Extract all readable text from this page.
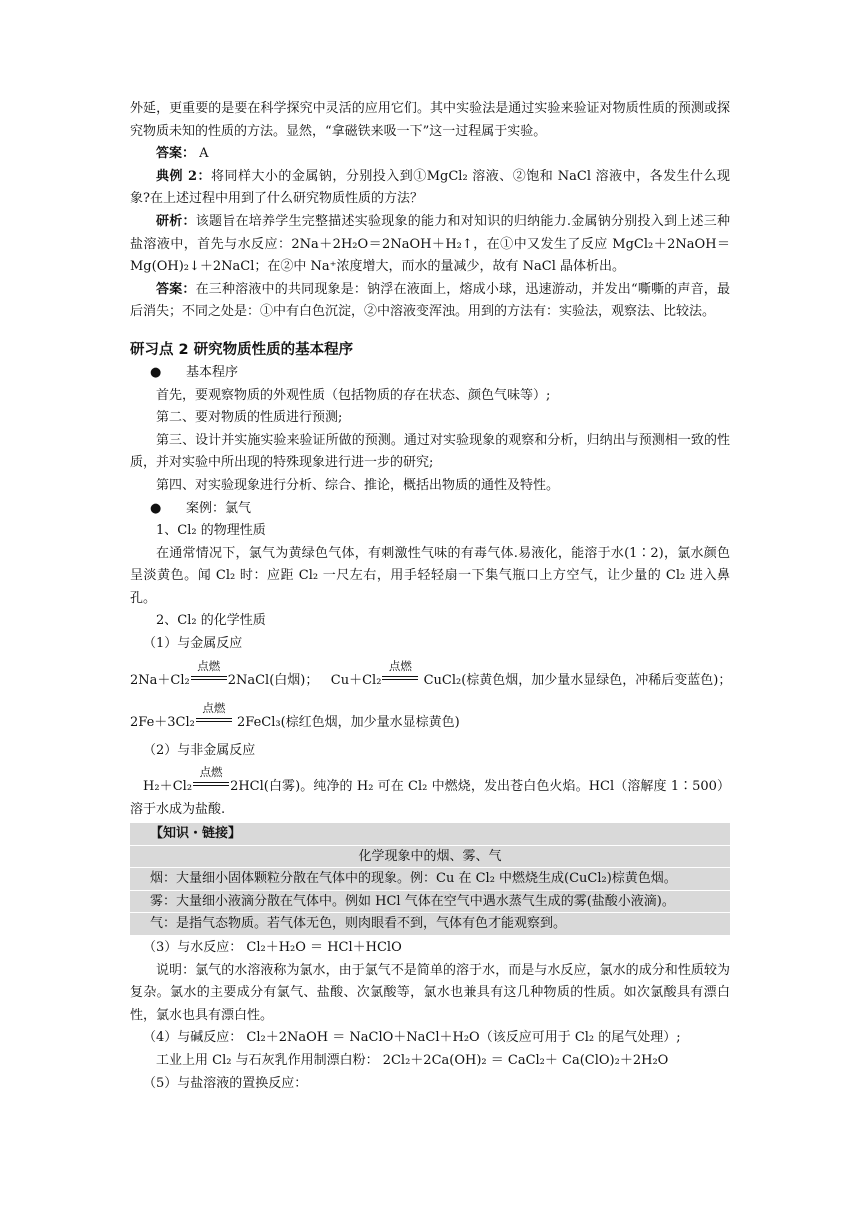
外延，更重要的是要在科学探究中灵活的应用它们。其中实验法是通过实验来验证对物质性质的预测或探究物质未知的性质的方法。显然，“拿磁铁来吸一下”这一过程属于实验。

答案： A

典例 2：将同样大小的金属钠，分别投入到①MgCl₂ 溶液、②饱和 NaCl 溶液中，各发生什么现象?在上述过程中用到了什么研究物质性质的方法？

研析：该题旨在培养学生完整描述实验现象的能力和对知识的归纳能力.金属钠分别投入到上述三种盐溶液中，首先与水反应：2Na＋2H₂O＝2NaOH＋H₂↑，在①中又发生了反应 MgCl₂＋2NaOH＝Mg(OH)₂↓＋2NaCl；在②中 Na⁺浓度增大，而水的量减少，故有 NaCl 晶体析出。

答案：在三种溶液中的共同现象是：钠浮在液面上，熔成小球，迅速游动，并发出“嘶嘶的声音，最后消失；不同之处是：①中有白色沉淀，②中溶液变浑浊。用到的方法有：实验法，观察法、比较法。

研习点 2 研究物质性质的基本程序
● 基本程序

首先，要观察物质的外观性质（包括物质的存在状态、颜色气味等）;

第二、要对物质的性质进行预测;

第三、设计并实施实验来验证所做的预测。通过对实验现象的观察和分析，归纳出与预测相一致的性质，并对实验中所出现的特殊现象进行进一步的研究;

第四、对实验现象进行分析、综合、推论，概括出物质的通性及特性。

● 案例：氯气

1、Cl₂ 的物理性质

在通常情况下，氯气为黄绿色气体，有刺激性气味的有毒气体.易液化，能溶于水(1∶2)，氯水颜色呈淡黄色。闻 Cl₂ 时：应距 Cl₂ 一尺左右，用手轻轻扇一下集气瓶口上方空气，让少量的 Cl₂ 进入鼻孔。

2、Cl₂ 的化学性质

（1）与金属反应

2Na＋Cl₂
点燃
2NaCl(白烟)； Cu＋Cl₂
点燃
CuCl₂(棕黄色烟，加少量水显绿色，冲稀后变蓝色)；
2Fe＋3Cl₂
点燃
2FeCl₃(棕红色烟，加少量水显棕黄色)

（2）与非金属反应

H₂＋Cl₂
点燃
2HCl(白雾)。纯净的 H₂ 可在 Cl₂ 中燃烧，发出苍白色火焰。HCl（溶解度 1∶500）溶于水成为盐酸.

【知识・链接】
化学现象中的烟、雾、气
烟：大量细小固体颗粒分散在气体中的现象。例：Cu 在 Cl₂ 中燃烧生成(CuCl₂)棕黄色烟。
雾：大量细小液滴分散在气体中。例如 HCl 气体在空气中遇水蒸气生成的雾(盐酸小液滴)。
气：是指气态物质。若气体无色，则肉眼看不到，气体有色才能观察到。

（3）与水反应： Cl₂＋H₂O ＝ HCl＋HClO

说明：氯气的水溶液称为氯水，由于氯气不是简单的溶于水，而是与水反应，氯水的成分和性质较为复杂。氯水的主要成分有氯气、盐酸、次氯酸等，氯水也兼具有这几种物质的性质。如次氯酸具有漂白性，氯水也具有漂白性。

（4）与碱反应： Cl₂＋2NaOH ＝ NaClO＋NaCl＋H₂O（该反应可用于 Cl₂ 的尾气处理）;

工业上用 Cl₂ 与石灰乳作用制漂白粉： 2Cl₂＋2Ca(OH)₂ ＝ CaCl₂＋ Ca(ClO)₂＋2H₂O

（5）与盐溶液的置换反应：
